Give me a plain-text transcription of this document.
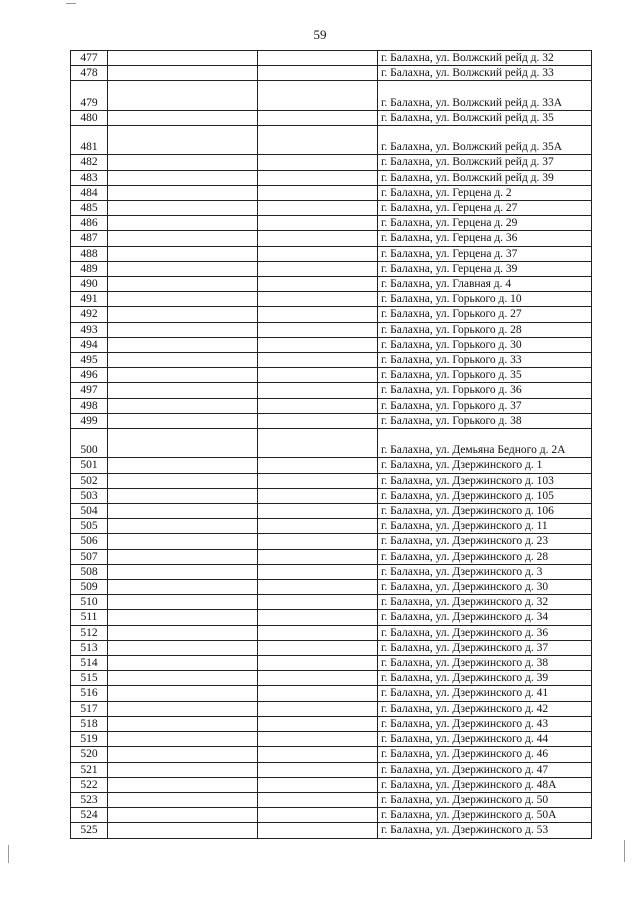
59
477			г. Балахна, ул. Волжский рейд д. 32
478			г. Балахна, ул. Волжский рейд д. 33
479			г. Балахна, ул. Волжский рейд д. 33А
480			г. Балахна, ул. Волжский рейд д. 35
481			г. Балахна, ул. Волжский рейд д. 35А
482			г. Балахна, ул. Волжский рейд д. 37
483			г. Балахна, ул. Волжский рейд д. 39
484			г. Балахна, ул. Герцена д. 2
485			г. Балахна, ул. Герцена д. 27
486			г. Балахна, ул. Герцена д. 29
487			г. Балахна, ул. Герцена д. 36
488			г. Балахна, ул. Герцена д. 37
489			г. Балахна, ул. Герцена д. 39
490			г. Балахна, ул. Главная д. 4
491			г. Балахна, ул. Горького д. 10
492			г. Балахна, ул. Горького д. 27
493			г. Балахна, ул. Горького д. 28
494			г. Балахна, ул. Горького д. 30
495			г. Балахна, ул. Горького д. 33
496			г. Балахна, ул. Горького д. 35
497			г. Балахна, ул. Горького д. 36
498			г. Балахна, ул. Горького д. 37
499			г. Балахна, ул. Горького д. 38
500			г. Балахна, ул. Демьяна Бедного д. 2А
501			г. Балахна, ул. Дзержинского д. 1
502			г. Балахна, ул. Дзержинского д. 103
503			г. Балахна, ул. Дзержинского д. 105
504			г. Балахна, ул. Дзержинского д. 106
505			г. Балахна, ул. Дзержинского д. 11
506			г. Балахна, ул. Дзержинского д. 23
507			г. Балахна, ул. Дзержинского д. 28
508			г. Балахна, ул. Дзержинского д. 3
509			г. Балахна, ул. Дзержинского д. 30
510			г. Балахна, ул. Дзержинского д. 32
511			г. Балахна, ул. Дзержинского д. 34
512			г. Балахна, ул. Дзержинского д. 36
513			г. Балахна, ул. Дзержинского д. 37
514			г. Балахна, ул. Дзержинского д. 38
515			г. Балахна, ул. Дзержинского д. 39
516			г. Балахна, ул. Дзержинского д. 41
517			г. Балахна, ул. Дзержинского д. 42
518			г. Балахна, ул. Дзержинского д. 43
519			г. Балахна, ул. Дзержинского д. 44
520			г. Балахна, ул. Дзержинского д. 46
521			г. Балахна, ул. Дзержинского д. 47
522			г. Балахна, ул. Дзержинского д. 48А
523			г. Балахна, ул. Дзержинского д. 50
524			г. Балахна, ул. Дзержинского д. 50А
525			г. Балахна, ул. Дзержинского д. 53
